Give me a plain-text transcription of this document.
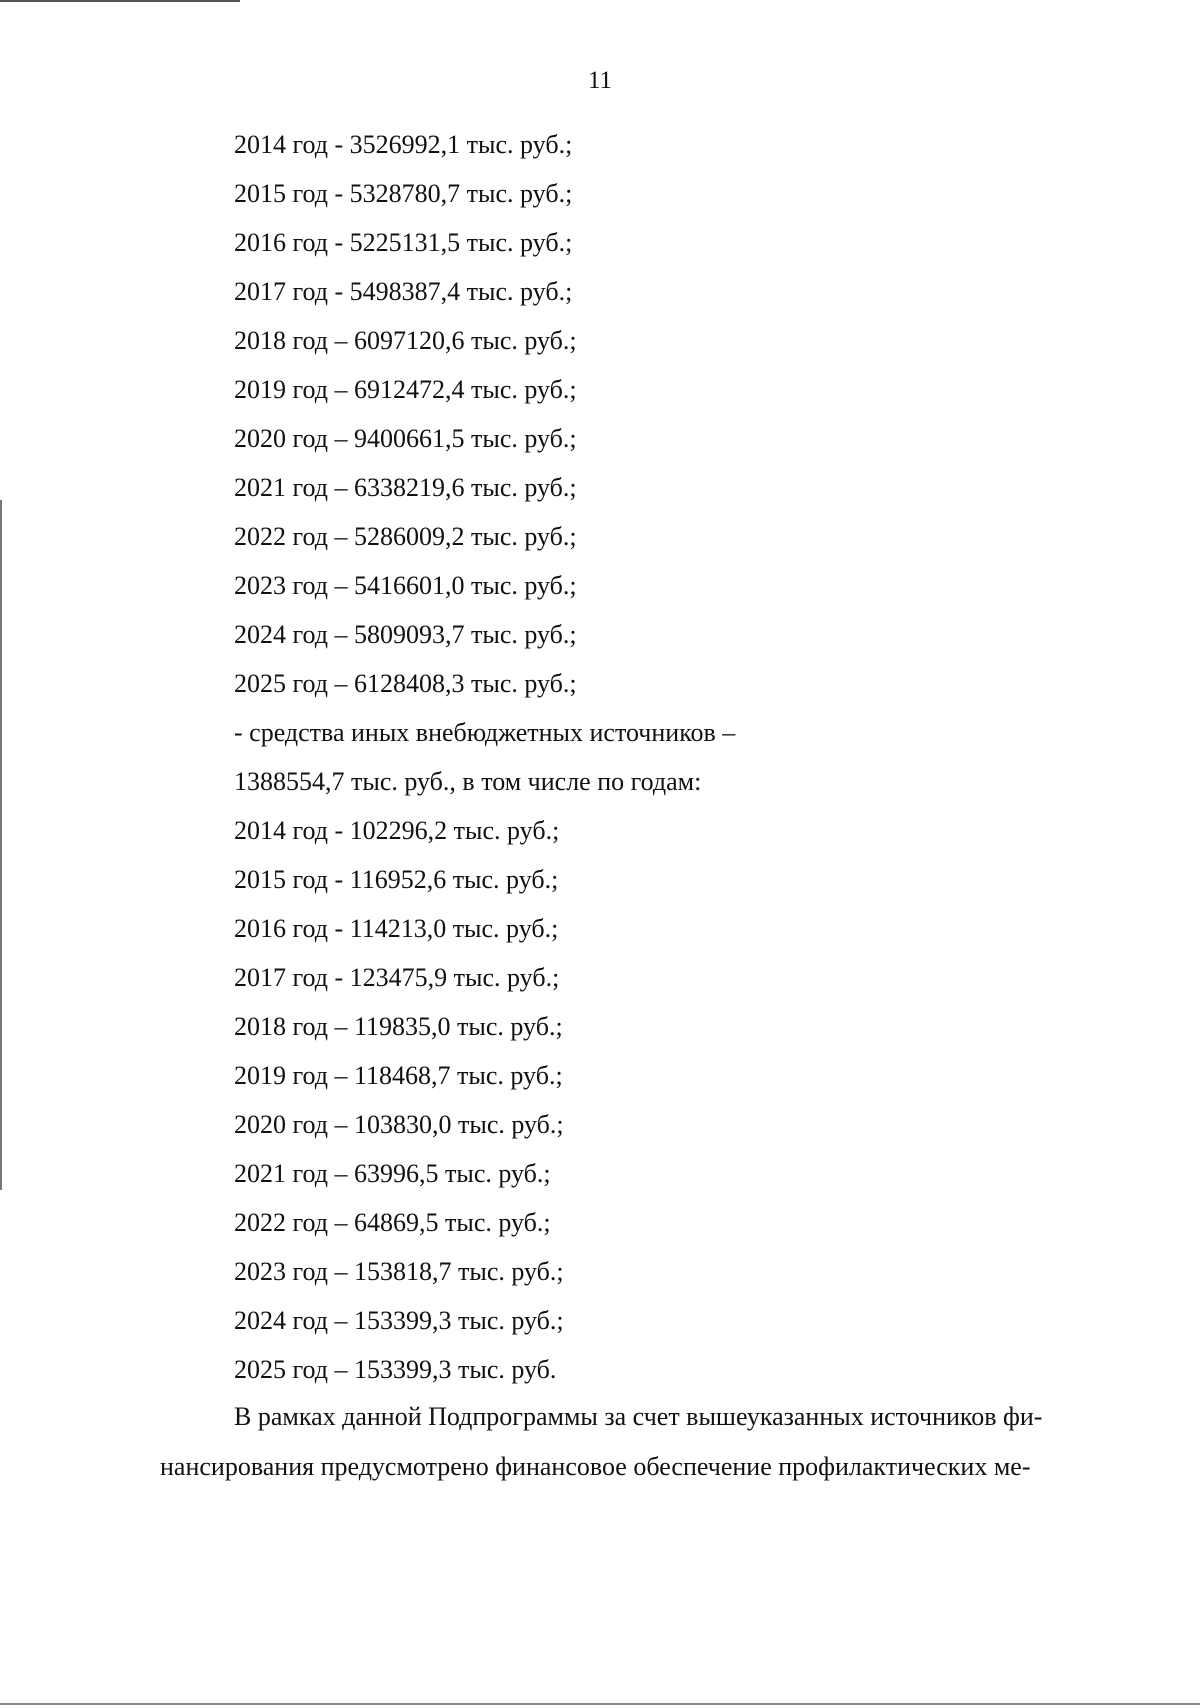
11
2014 год - 3526992,1 тыс. руб.;
2015 год - 5328780,7 тыс. руб.;
2016 год - 5225131,5 тыс. руб.;
2017 год - 5498387,4 тыс. руб.;
2018 год – 6097120,6 тыс. руб.;
2019 год – 6912472,4 тыс. руб.;
2020 год – 9400661,5 тыс. руб.;
2021 год – 6338219,6 тыс. руб.;
2022 год – 5286009,2 тыс. руб.;
2023 год – 5416601,0 тыс. руб.;
2024 год – 5809093,7 тыс. руб.;
2025 год – 6128408,3 тыс. руб.;
- средства иных внебюджетных источников –
1388554,7 тыс. руб., в том числе по годам:
2014 год - 102296,2 тыс. руб.;
2015 год - 116952,6 тыс. руб.;
2016 год - 114213,0 тыс. руб.;
2017 год - 123475,9 тыс. руб.;
2018 год – 119835,0 тыс. руб.;
2019 год – 118468,7 тыс. руб.;
2020 год – 103830,0 тыс. руб.;
2021 год – 63996,5 тыс. руб.;
2022 год – 64869,5 тыс. руб.;
2023 год – 153818,7 тыс. руб.;
2024 год – 153399,3 тыс. руб.;
2025 год – 153399,3 тыс. руб.
В рамках данной Подпрограммы за счет вышеуказанных источников фи-
нансирования предусмотрено финансовое обеспечение профилактических ме-
